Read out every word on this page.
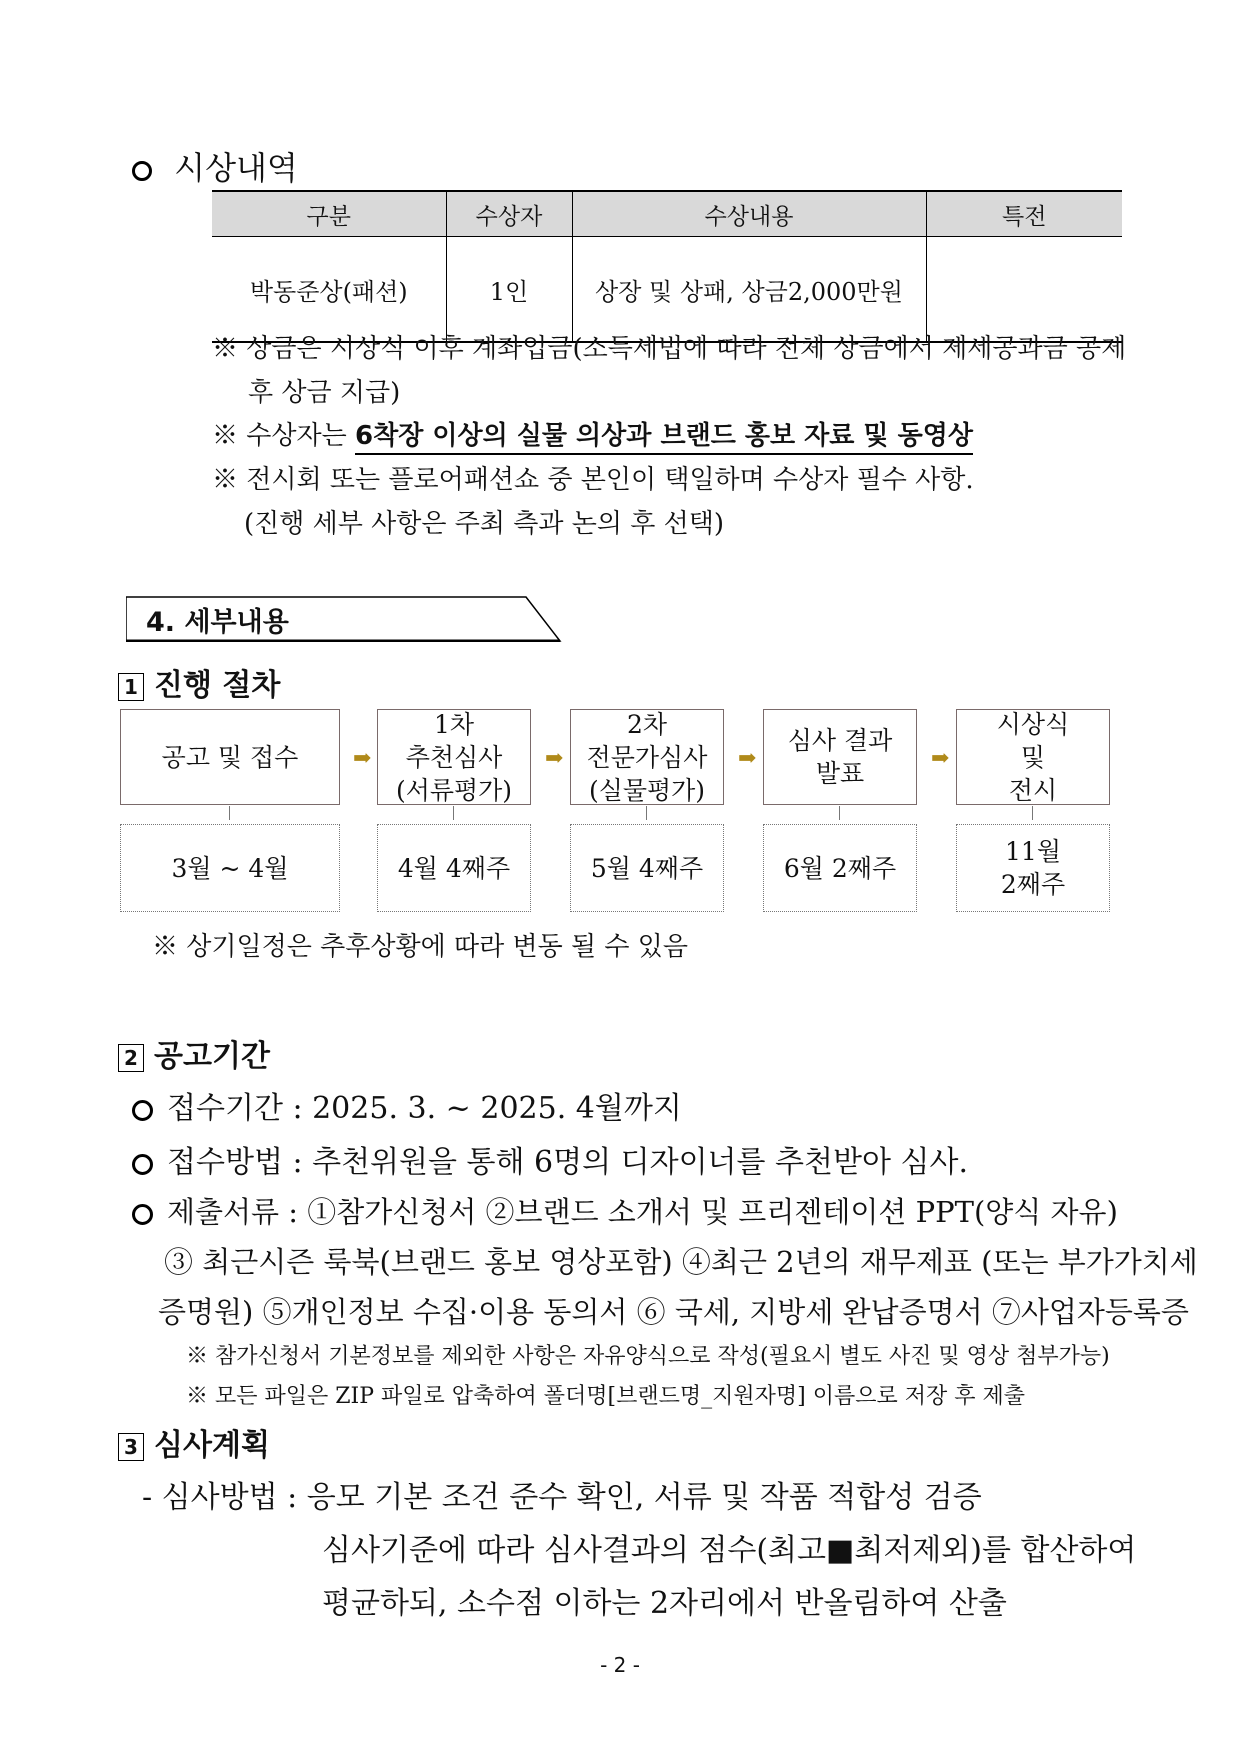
시상내역
구분	수상자	수상내용	특전
박동준상(패션)	1인	상장 및 상패, 상금2,000만원	
※ 상금은 시상식 이후 계좌입금(소득세법에 따라 전체 상금에서 제세공과금 공제
후 상금 지급)
※ 수상자는 6착장 이상의 실물 의상과 브랜드 홍보 자료 및 동영상
※ 전시회 또는 플로어패션쇼 중 본인이 택일하며 수상자 필수 사항.
(진행 세부 사항은 주최 측과 논의 후 선택)
4. 세부내용
1 진행 절차
공고 및 접수
1차
추천심사
(서류평가)
2차
전문가심사
(실물평가)
심사 결과
발표
시상식
및
전시
➡	➡	➡	➡
3월 ~ 4월	4월 4째주	5월 4째주	6월 2째주
11월
2째주
※ 상기일정은 추후상황에 따라 변동 될 수 있음
2 공고기간
접수기간 : 2025. 3. ~ 2025. 4월까지
접수방법 : 추천위원을 통해 6명의 디자이너를 추천받아 심사.
제출서류 : ①참가신청서 ②브랜드 소개서 및 프리젠테이션 PPT(양식 자유)
③ 최근시즌 룩북(브랜드 홍보 영상포함) ④최근 2년의 재무제표 (또는 부가가치세
증명원) ⑤개인정보 수집·이용 동의서 ⑥ 국세, 지방세 완납증명서 ⑦사업자등록증
※ 참가신청서 기본정보를 제외한 사항은 자유양식으로 작성(필요시 별도 사진 및 영상 첨부가능)
※ 모든 파일은 ZIP 파일로 압축하여 폴더명[브랜드명_지원자명] 이름으로 저장 후 제출
3 심사계획
- 심사방법 : 응모 기본 조건 준수 확인, 서류 및 작품 적합성 검증
심사기준에 따라 심사결과의 점수(최고■최저제외)를 합산하여
평균하되, 소수점 이하는 2자리에서 반올림하여 산출
- 2 -
